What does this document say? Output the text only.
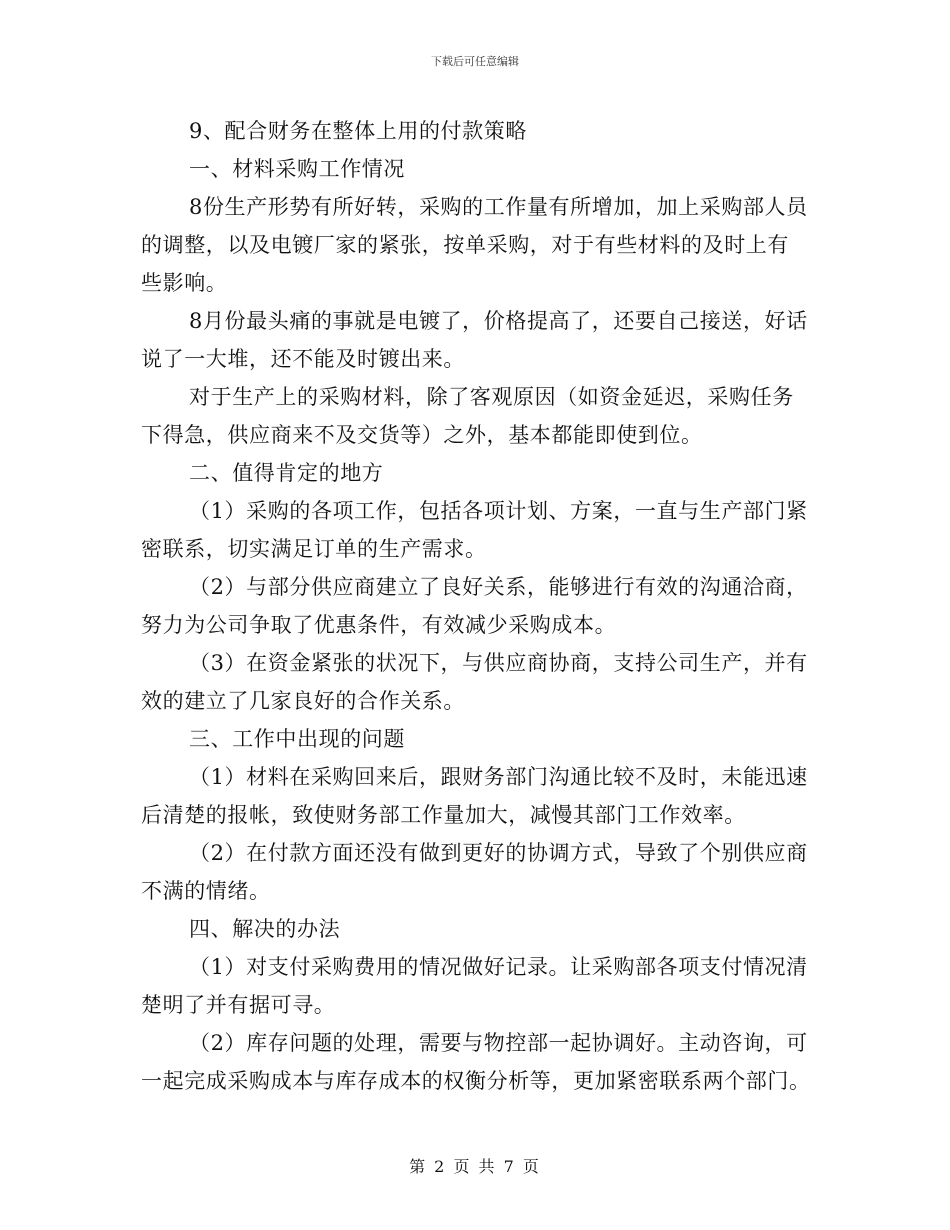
下载后可任意编辑
9、配合财务在整体上用的付款策略
一、材料采购工作情况
8份生产形势有所好转，采购的工作量有所增加，加上采购部人员
的调整，以及电镀厂家的紧张，按单采购，对于有些材料的及时上有
些影响。
8月份最头痛的事就是电镀了，价格提高了，还要自己接送，好话
说了一大堆，还不能及时镀出来。
对于生产上的采购材料，除了客观原因（如资金延迟，采购任务
下得急，供应商来不及交货等）之外，基本都能即使到位。
二、值得肯定的地方
（1）采购的各项工作，包括各项计划、方案，一直与生产部门紧
密联系，切实满足订单的生产需求。
（2）与部分供应商建立了良好关系，能够进行有效的沟通洽商，
努力为公司争取了优惠条件，有效减少采购成本。
（3）在资金紧张的状况下，与供应商协商，支持公司生产，并有
效的建立了几家良好的合作关系。
三、工作中出现的问题
（1）材料在采购回来后，跟财务部门沟通比较不及时，未能迅速
后清楚的报帐，致使财务部工作量加大，减慢其部门工作效率。
（2）在付款方面还没有做到更好的协调方式，导致了个别供应商
不满的情绪。
四、解决的办法
（1）对支付采购费用的情况做好记录。让采购部各项支付情况清
楚明了并有据可寻。
（2）库存问题的处理，需要与物控部一起协调好。主动咨询，可
一起完成采购成本与库存成本的权衡分析等，更加紧密联系两个部门。
第 2 页 共 7 页
